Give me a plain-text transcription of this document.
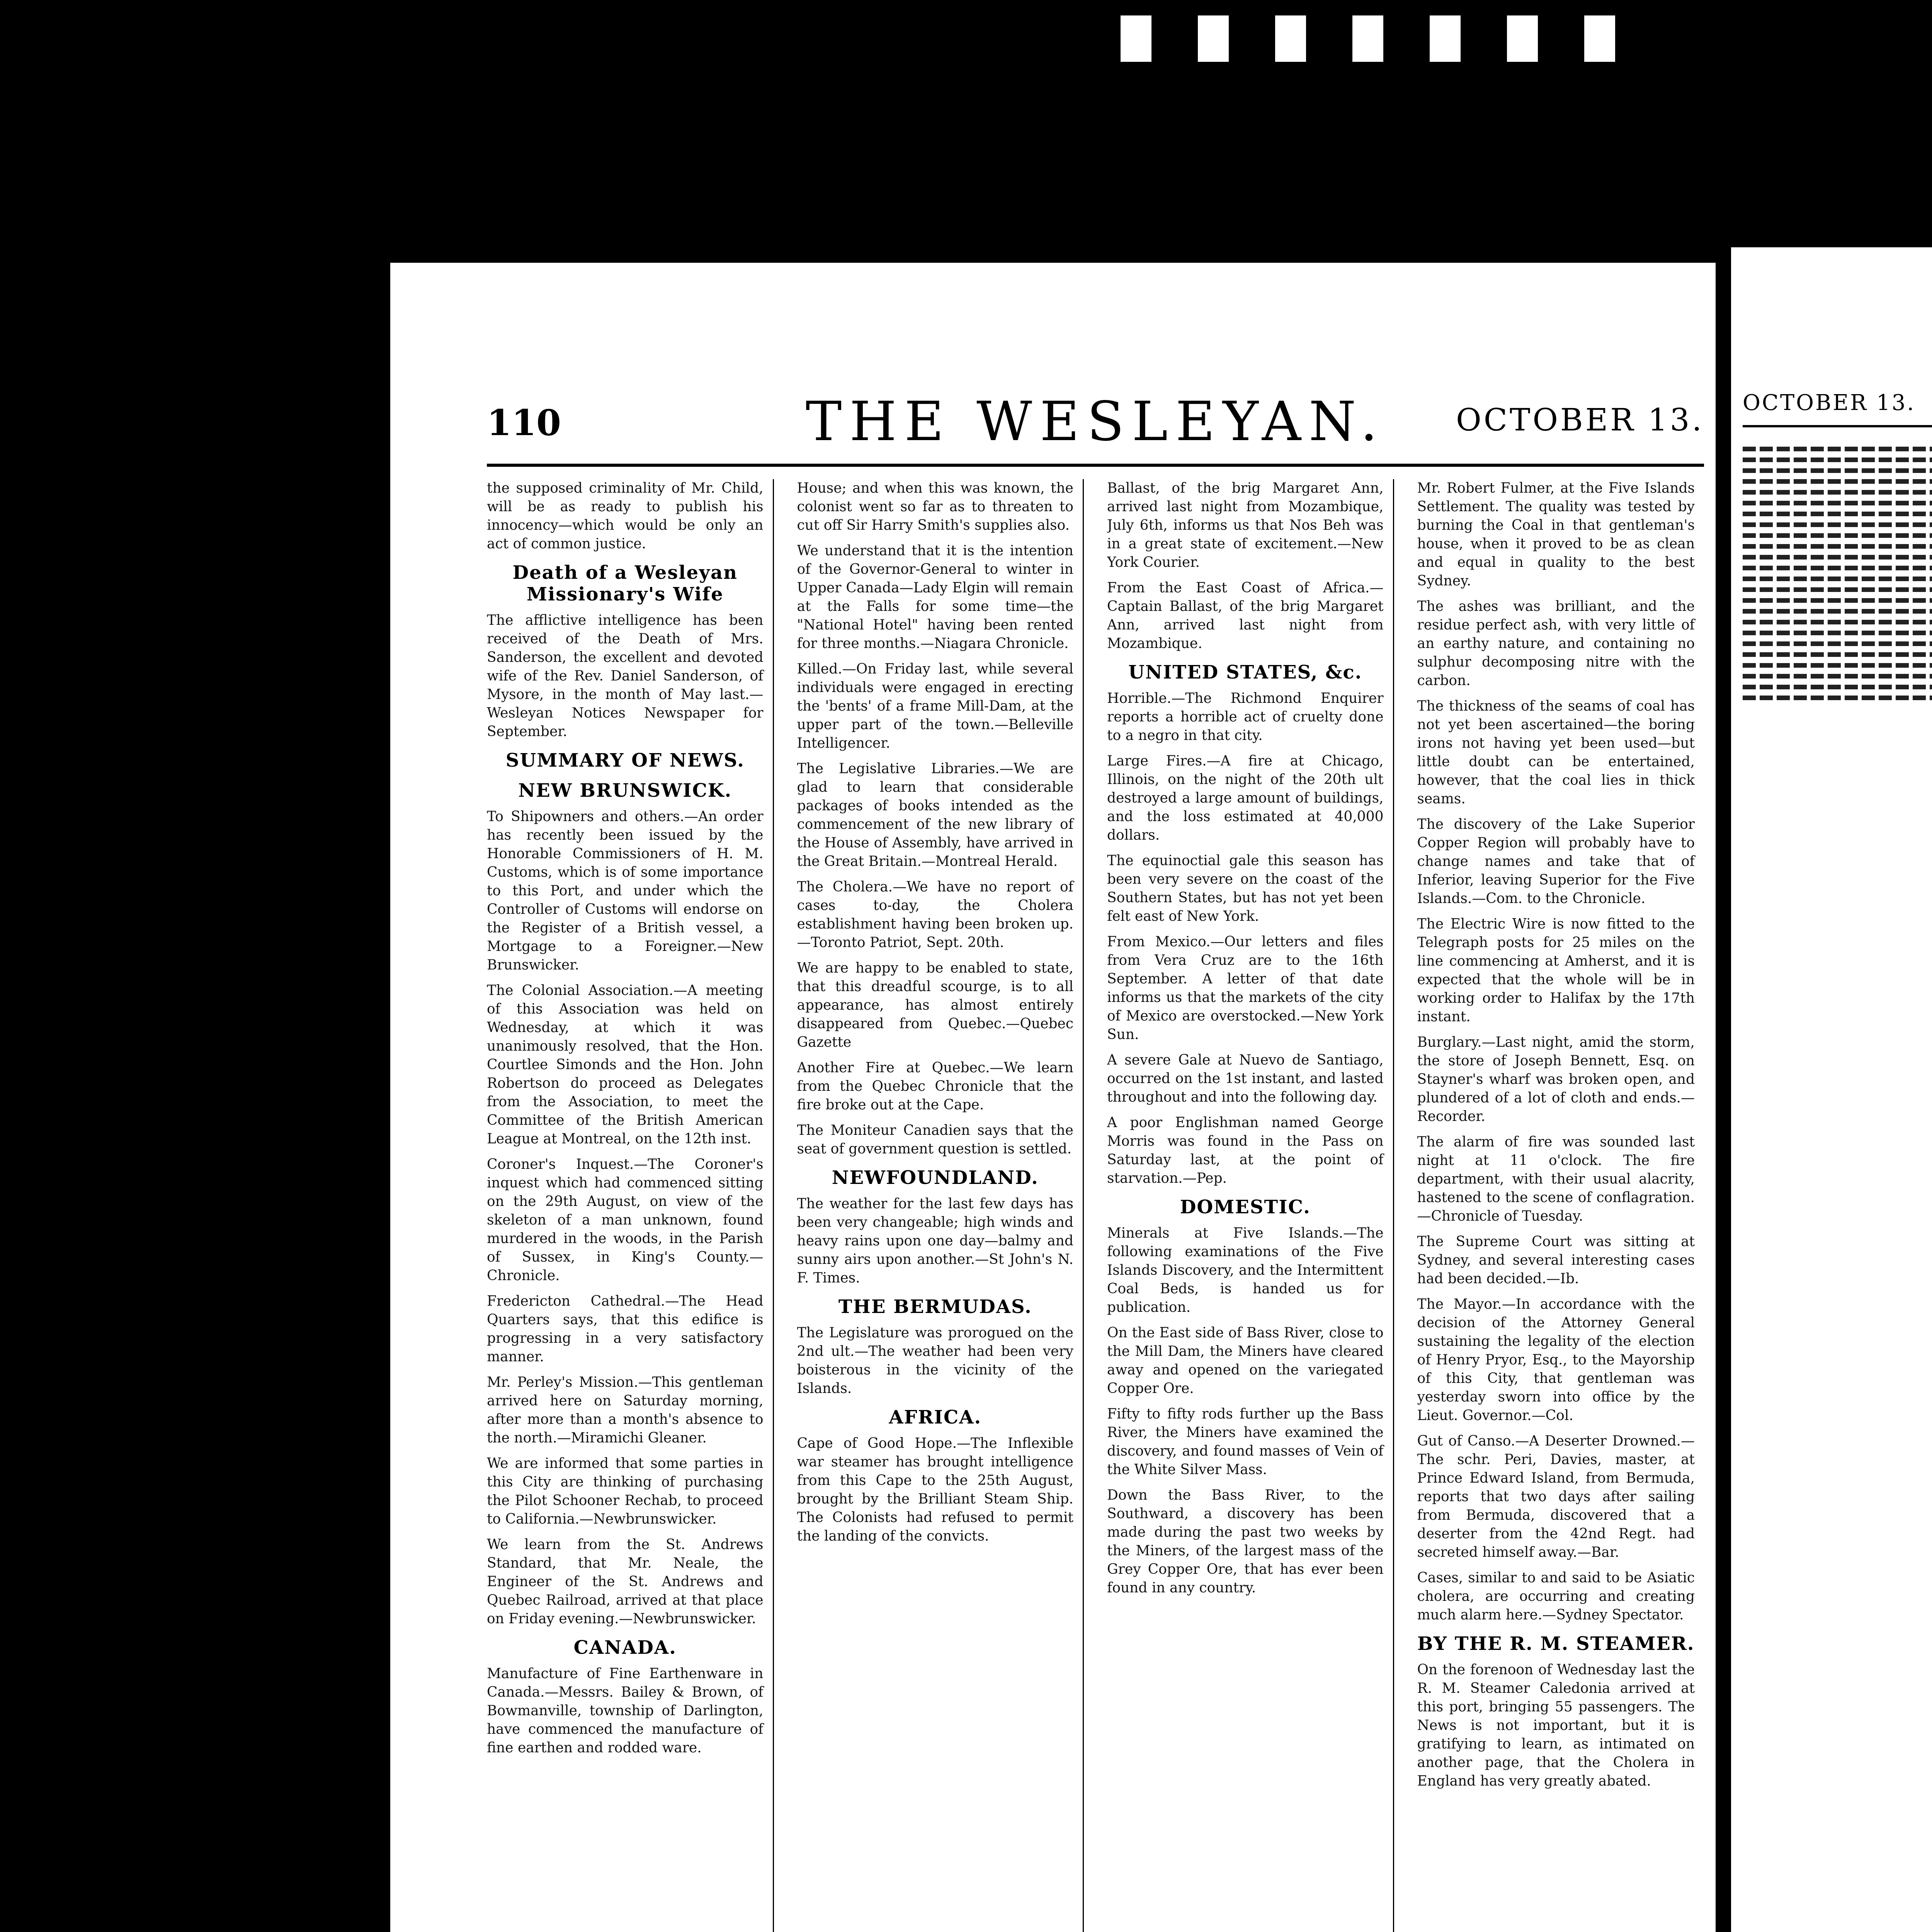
110	THE WESLEYAN.	OCTOBER 13.

the supposed criminality of Mr. Child, will be as ready to publish his innocency—which would be only an act of common justice.

Death of a Wesleyan Missionary's Wife

The afflictive intelligence has been received of the Death of Mrs. Sanderson, the excellent and devoted wife of the Rev. Daniel Sanderson, of Mysore, in the month of May last.—Wesleyan Notices Newspaper for September.

SUMMARY OF NEWS.
NEW BRUNSWICK.

To Shipowners and others.—An order has recently been issued by the Honorable Commissioners of H. M. Customs, which is of some importance to this Port, and under which the Controller of Customs will endorse on the Register of a British vessel, a Mortgage to a Foreigner.—New Brunswicker.

The Colonial Association.—A meeting of this Association was held on Wednesday, at which it was unanimously resolved, that the Hon. Courtlee Simonds and the Hon. John Robertson do proceed as Delegates from the Association, to meet the Committee of the British American League at Montreal, on the 12th inst.

Coroner's Inquest.—The Coroner's inquest which had commenced sitting on the 29th August, on view of the skeleton of a man unknown, found murdered in the woods, in the Parish of Sussex, in King's County.—Chronicle.

Fredericton Cathedral.—The Head Quarters says, that this edifice is progressing in a very satisfactory manner.

Mr. Perley's Mission.—This gentleman arrived here on Saturday morning, after more than a month's absence to the north.—Miramichi Gleaner.

We are informed that some parties in this City are thinking of purchasing the Pilot Schooner Rechab, to proceed to California.—Newbrunswicker.

We learn from the St. Andrews Standard, that Mr. Neale, the Engineer of the St. Andrews and Quebec Railroad, arrived at that place on Friday evening.—Newbrunswicker.

CANADA.

Manufacture of Fine Earthenware in Canada.—Messrs. Bailey & Brown, of Bowmanville, township of Darlington, have commenced the manufacture of fine earthen and rodded ware.

House; and when this was known, the colonist went so far as to threaten to cut off Sir Harry Smith's supplies also.

We understand that it is the intention of the Governor-General to winter in Upper Canada—Lady Elgin will remain at the Falls for some time—the "National Hotel" having been rented for three months.—Niagara Chronicle.

Killed.—On Friday last, while several individuals were engaged in erecting the 'bents' of a frame Mill-Dam, at the upper part of the town.—Belleville Intelligencer.

The Legislative Libraries.—We are glad to learn that considerable packages of books intended as the commencement of the new library of the House of Assembly, have arrived in the Great Britain.—Montreal Herald.

The Cholera.—We have no report of cases to-day, the Cholera establishment having been broken up.—Toronto Patriot, Sept. 20th.

We are happy to be enabled to state, that this dreadful scourge, is to all appearance, has almost entirely disappeared from Quebec.—Quebec Gazette

Another Fire at Quebec.—We learn from the Quebec Chronicle that the fire broke out at the Cape.

The Moniteur Canadien says that the seat of government question is settled.

NEWFOUNDLAND.

The weather for the last few days has been very changeable; high winds and heavy rains upon one day—balmy and sunny airs upon another.—St John's N. F. Times.

THE BERMUDAS.

The Legislature was prorogued on the 2nd ult.—The weather had been very boisterous in the vicinity of the Islands.

AFRICA.

Cape of Good Hope.—The Inflexible war steamer has brought intelligence from this Cape to the 25th August, brought by the Brilliant Steam Ship. The Colonists had refused to permit the landing of the convicts.

Ballast, of the brig Margaret Ann, arrived last night from Mozambique, July 6th, informs us that Nos Beh was in a great state of excitement.—New York Courier.

From the East Coast of Africa.—Captain Ballast, of the brig Margaret Ann, arrived last night from Mozambique.

UNITED STATES, &c.

Horrible.—The Richmond Enquirer reports a horrible act of cruelty done to a negro in that city.

Large Fires.—A fire at Chicago, Illinois, on the night of the 20th ult destroyed a large amount of buildings, and the loss estimated at 40,000 dollars.

The equinoctial gale this season has been very severe on the coast of the Southern States, but has not yet been felt east of New York.

From Mexico.—Our letters and files from Vera Cruz are to the 16th September. A letter of that date informs us that the markets of the city of Mexico are overstocked.—New York Sun.

A severe Gale at Nuevo de Santiago, occurred on the 1st instant, and lasted throughout and into the following day.

A poor Englishman named George Morris was found in the Pass on Saturday last, at the point of starvation.—Pep.

DOMESTIC.

Minerals at Five Islands.—The following examinations of the Five Islands Discovery, and the Intermittent Coal Beds, is handed us for publication.

On the East side of Bass River, close to the Mill Dam, the Miners have cleared away and opened on the variegated Copper Ore.

Fifty to fifty rods further up the Bass River, the Miners have examined the discovery, and found masses of Vein of the White Silver Mass.

Down the Bass River, to the Southward, a discovery has been made during the past two weeks by the Miners, of the largest mass of the Grey Copper Ore, that has ever been found in any country.

Mr. Robert Fulmer, at the Five Islands Settlement. The quality was tested by burning the Coal in that gentleman's house, when it proved to be as clean and equal in quality to the best Sydney.

The ashes was brilliant, and the residue perfect ash, with very little of an earthy nature, and containing no sulphur decomposing nitre with the carbon.

The thickness of the seams of coal has not yet been ascertained—the boring irons not having yet been used—but little doubt can be entertained, however, that the coal lies in thick seams.

The discovery of the Lake Superior Copper Region will probably have to change names and take that of Inferior, leaving Superior for the Five Islands.—Com. to the Chronicle.

The Electric Wire is now fitted to the Telegraph posts for 25 miles on the line commencing at Amherst, and it is expected that the whole will be in working order to Halifax by the 17th instant.

Burglary.—Last night, amid the storm, the store of Joseph Bennett, Esq. on Stayner's wharf was broken open, and plundered of a lot of cloth and ends.—Recorder.

The alarm of fire was sounded last night at 11 o'clock. The fire department, with their usual alacrity, hastened to the scene of conflagration.—Chronicle of Tuesday.

The Supreme Court was sitting at Sydney, and several interesting cases had been decided.—Ib.

The Mayor.—In accordance with the decision of the Attorney General sustaining the legality of the election of Henry Pryor, Esq., to the Mayorship of this City, that gentleman was yesterday sworn into office by the Lieut. Governor.—Col.

Gut of Canso.—A Deserter Drowned.—The schr. Peri, Davies, master, at Prince Edward Island, from Bermuda, reports that two days after sailing from Bermuda, discovered that a deserter from the 42nd Regt. had secreted himself away.—Bar.

Cases, similar to and said to be Asiatic cholera, are occurring and creating much alarm here.—Sydney Spectator.

BY THE R. M. STEAMER.

On the forenoon of Wednesday last the R. M. Steamer Caledonia arrived at this port, bringing 55 passengers. The News is not important, but it is gratifying to learn, as intimated on another page, that the Cholera in England has very greatly abated.

OCTOBER 13.
